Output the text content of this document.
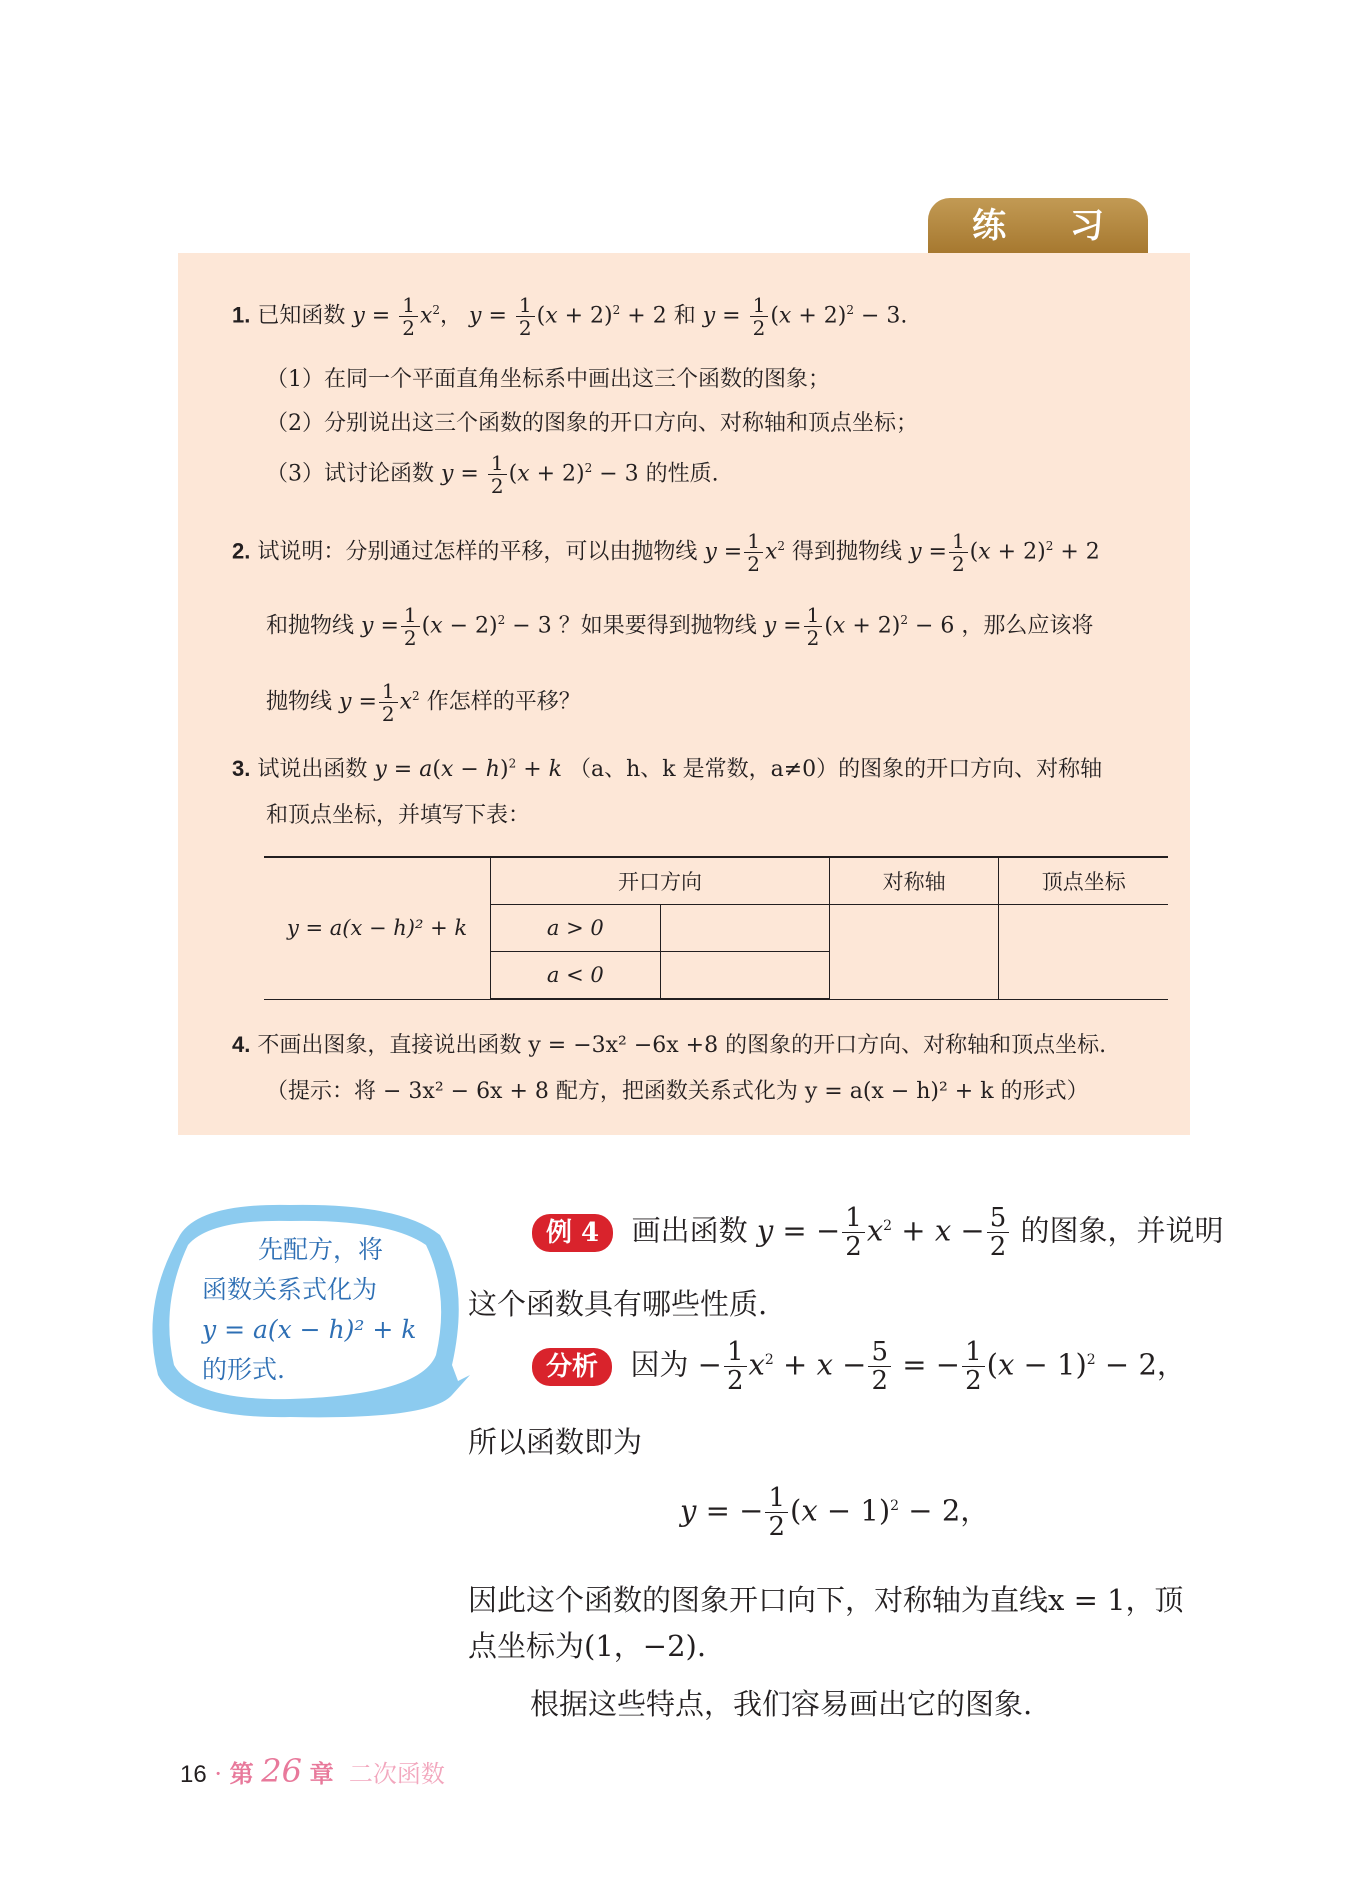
练 习
1. 已知函数 $y = \frac{1}{2} x^2$， $y = \frac{1}{2} (x + 2)^2 + 2$ 和 $y = \frac{1}{2} (x + 2)^2 - 3$.
（1）在同一个平面直角坐标系中画出这三个函数的图象；
（2）分别说出这三个函数的图象的开口方向、对称轴和顶点坐标；
（3）试讨论函数 $y = \frac{1}{2} (x + 2)^2 - 3$ 的性质.
2. 试说明：分别通过怎样的平移，可以由抛物线 $y = \frac{1}{2} x^2$ 得到抛物线 $y = \frac{1}{2} (x + 2)^2 + 2$
和抛物线 $y = \frac{1}{2} (x - 2)^2 - 3$ ？如果要得到抛物线 $y = \frac{1}{2} (x + 2)^2 - 6$ ，那么应该将
抛物线 $y = \frac{1}{2} x^2$ 作怎样的平移？
3. 试说出函数 $y = a(x - h)^2 + k$ （a、h、k 是常数，a≠0）的图象的开口方向、对称轴
和顶点坐标，并填写下表：
y = a(x − h)² + k	开口方向		对称轴	顶点坐标
	a > 0			
	a < 0			
4. 不画出图象，直接说出函数 y = −3x² −6x +8 的图象的开口方向、对称轴和顶点坐标.
（提示：将 − 3x² − 6x + 8 配方，把函数关系式化为 y = a(x − h)² + k 的形式）
先配方，将
函数关系式化为
y = a(x − h)² + k
的形式.
例 4 画出函数 y = − $\frac{1}{2} x^2 + x - \frac{5}{2}$ 的图象，并说明
这个函数具有哪些性质.
分析 因为 − $\frac{1}{2} x^2 + x - \frac{5}{2}$ = − $\frac{1}{2} (x - 1)^2 - 2$，
所以函数即为
y = − $\frac{1}{2} (x - 1)^2 - 2$，
因此这个函数的图象开口向下，对称轴为直线x = 1，顶
点坐标为(1，−2).
根据这些特点，我们容易画出它的图象.
16 · 第 26 章 二次函数
